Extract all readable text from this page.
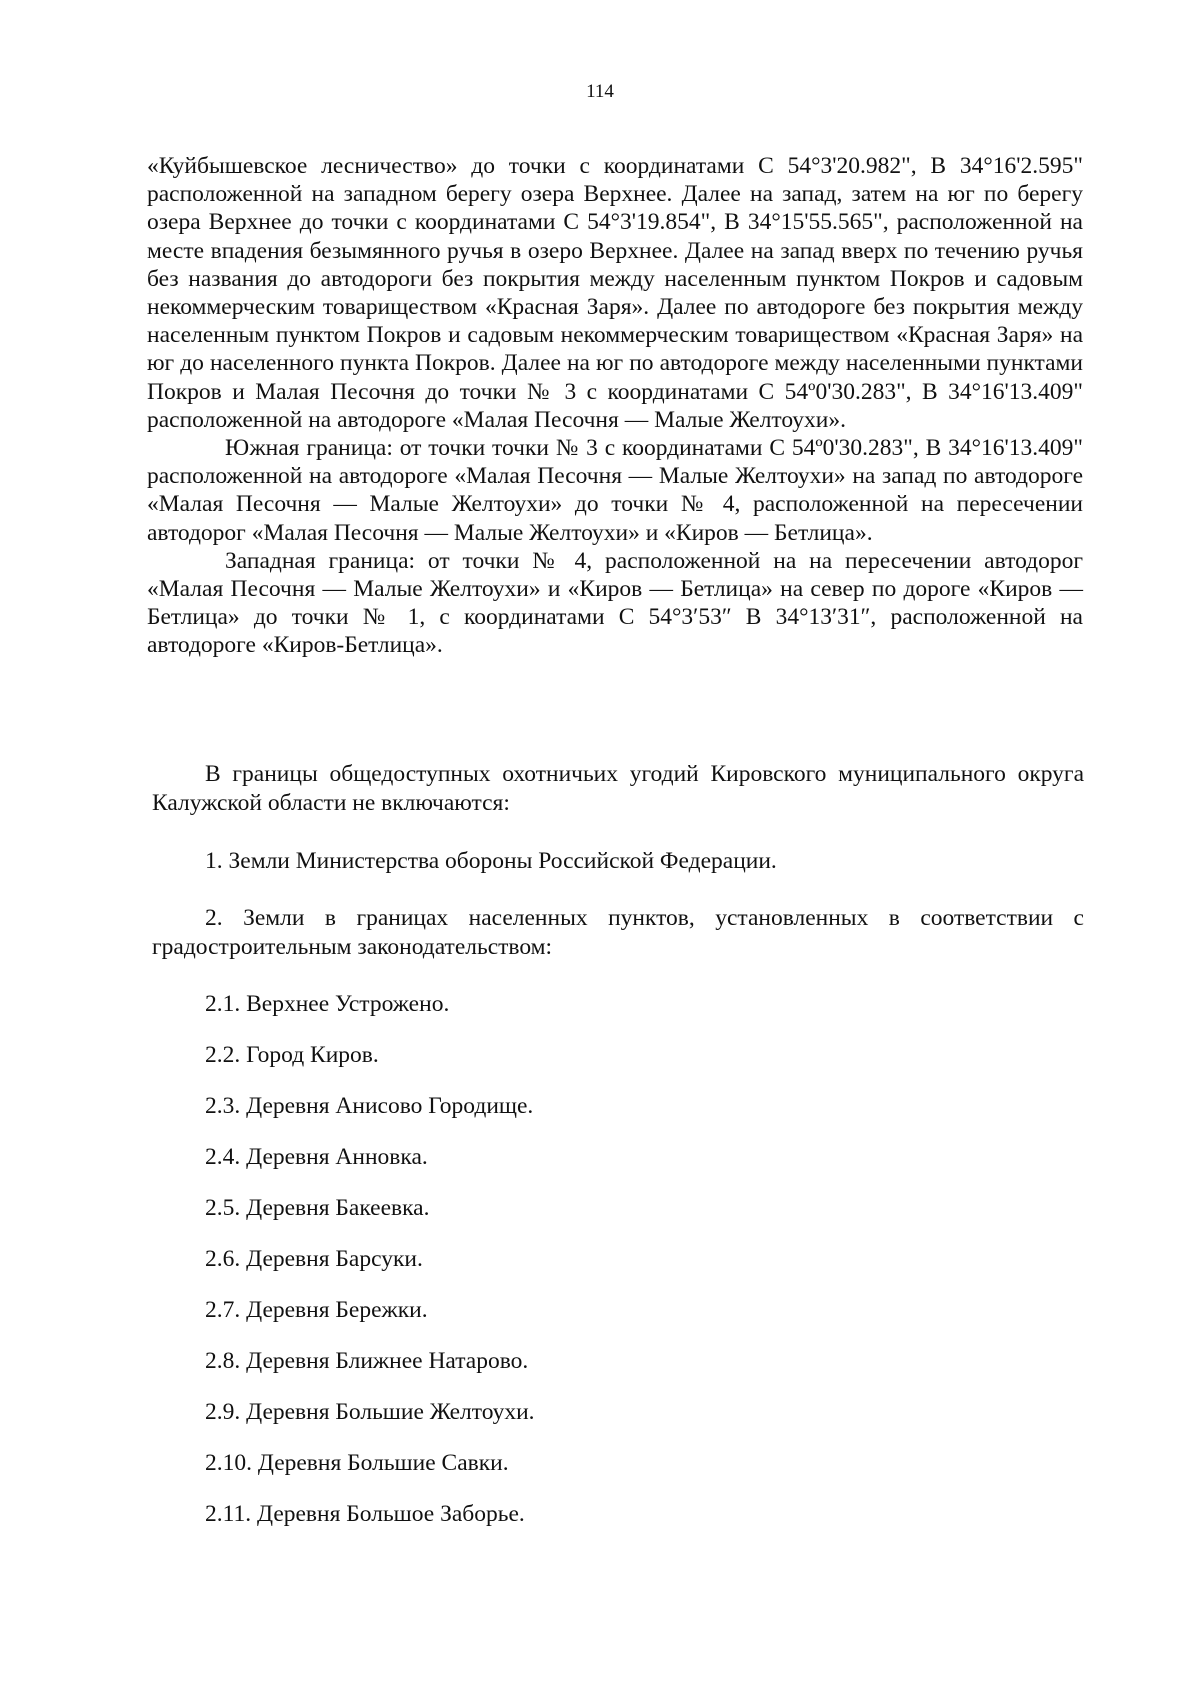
114

«Куйбышевское лесничество» до точки с координатами С 54°3'20.982", В 34°16'2.595" расположенной на западном берегу озера Верхнее. Далее на запад, затем на юг по берегу озера Верхнее до точки с координатами С 54°3'19.854", В 34°15'55.565", расположенной на месте впадения безымянного ручья в озеро Верхнее. Далее на запад вверх по течению ручья без названия до автодороги без покрытия между населенным пунктом Покров и садовым некоммерческим товариществом «Красная Заря». Далее по автодороге без покрытия между населенным пунктом Покров и садовым некоммерческим товариществом «Красная Заря» на юг до населенного пункта Покров. Далее на юг по автодороге между населенными пунктами Покров и Малая Песочня до точки № 3 с координатами С 54º0'30.283", В 34°16'13.409" расположенной на автодороге «Малая Песочня — Малые Желтоухи».

Южная граница: от точки точки № 3 с координатами С 54º0'30.283", В 34°16'13.409" расположенной на автодороге «Малая Песочня — Малые Желтоухи» на запад по автодороге «Малая Песочня — Малые Желтоухи» до точки № 4, расположенной на пересечении автодорог «Малая Песочня — Малые Желтоухи» и «Киров — Бетлица».

Западная граница: от точки № 4, расположенной на на пересечении автодорог «Малая Песочня — Малые Желтоухи» и «Киров — Бетлица» на север по дороге «Киров — Бетлица» до точки № 1, с координатами С 54°3′53″ В 34°13′31″, расположенной на автодороге «Киров-Бетлица».

В границы общедоступных охотничьих угодий Кировского муниципального округа Калужской области не включаются:
1. Земли Министерства обороны Российской Федерации.
2. Земли в границах населенных пунктов, установленных в соответствии с градостроительным законодательством:
2.1. Верхнее Устрожено.
2.2. Город Киров.
2.3. Деревня Анисово Городище.
2.4. Деревня Анновка.
2.5. Деревня Бакеевка.
2.6. Деревня Барсуки.
2.7. Деревня Бережки.
2.8. Деревня Ближнее Натарово.
2.9. Деревня Большие Желтоухи.
2.10. Деревня Большие Савки.
2.11. Деревня Большое Заборье.
